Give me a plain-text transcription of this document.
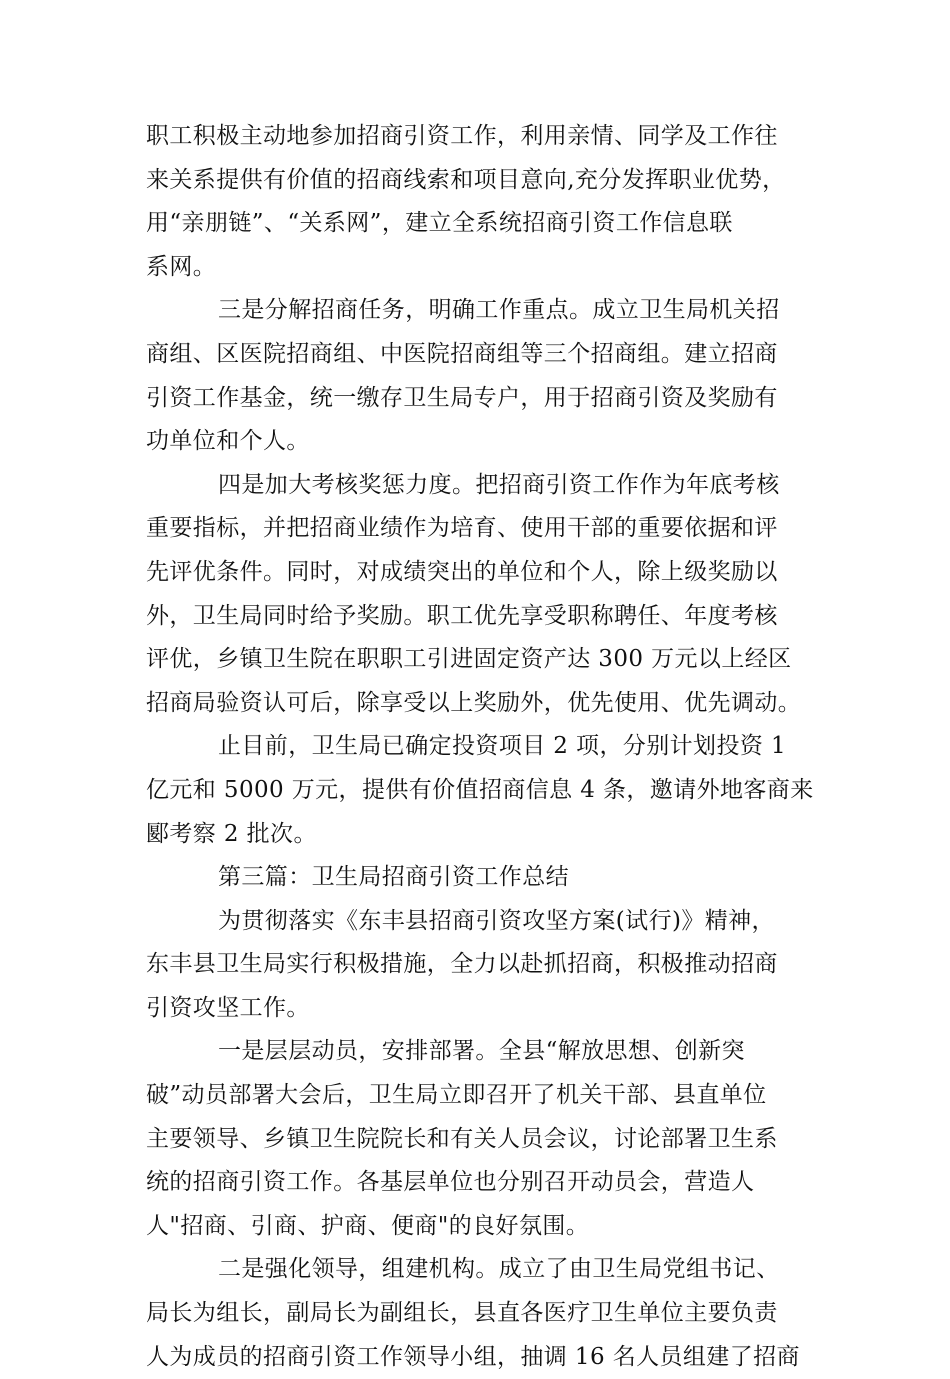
职工积极主动地参加招商引资工作，利用亲情、同学及工作往
来关系提供有价值的招商线索和项目意向,充分发挥职业优势，
用“亲朋链”、“关系网”，建立全系统招商引资工作信息联
系网。
三是分解招商任务，明确工作重点。成立卫生局机关招
商组、区医院招商组、中医院招商组等三个招商组。建立招商
引资工作基金，统一缴存卫生局专户，用于招商引资及奖励有
功单位和个人。
四是加大考核奖惩力度。把招商引资工作作为年底考核
重要指标，并把招商业绩作为培育、使用干部的重要依据和评
先评优条件。同时，对成绩突出的单位和个人，除上级奖励以
外，卫生局同时给予奖励。职工优先享受职称聘任、年度考核
评优，乡镇卫生院在职职工引进固定资产达 300 万元以上经区
招商局验资认可后，除享受以上奖励外，优先使用、优先调动。
止目前，卫生局已确定投资项目 2 项，分别计划投资 1
亿元和 5000 万元，提供有价值招商信息 4 条，邀请外地客商来
郾考察 2 批次。
第三篇：卫生局招商引资工作总结
为贯彻落实《东丰县招商引资攻坚方案(试行)》精神，
东丰县卫生局实行积极措施，全力以赴抓招商，积极推动招商
引资攻坚工作。
一是层层动员，安排部署。全县“解放思想、创新突
破”动员部署大会后，卫生局立即召开了机关干部、县直单位
主要领导、乡镇卫生院院长和有关人员会议，讨论部署卫生系
统的招商引资工作。各基层单位也分别召开动员会，营造人
人"招商、引商、护商、便商"的良好氛围。
二是强化领导，组建机构。成立了由卫生局党组书记、
局长为组长，副局长为副组长，县直各医疗卫生单位主要负责
人为成员的招商引资工作领导小组，抽调 16 名人员组建了招商
